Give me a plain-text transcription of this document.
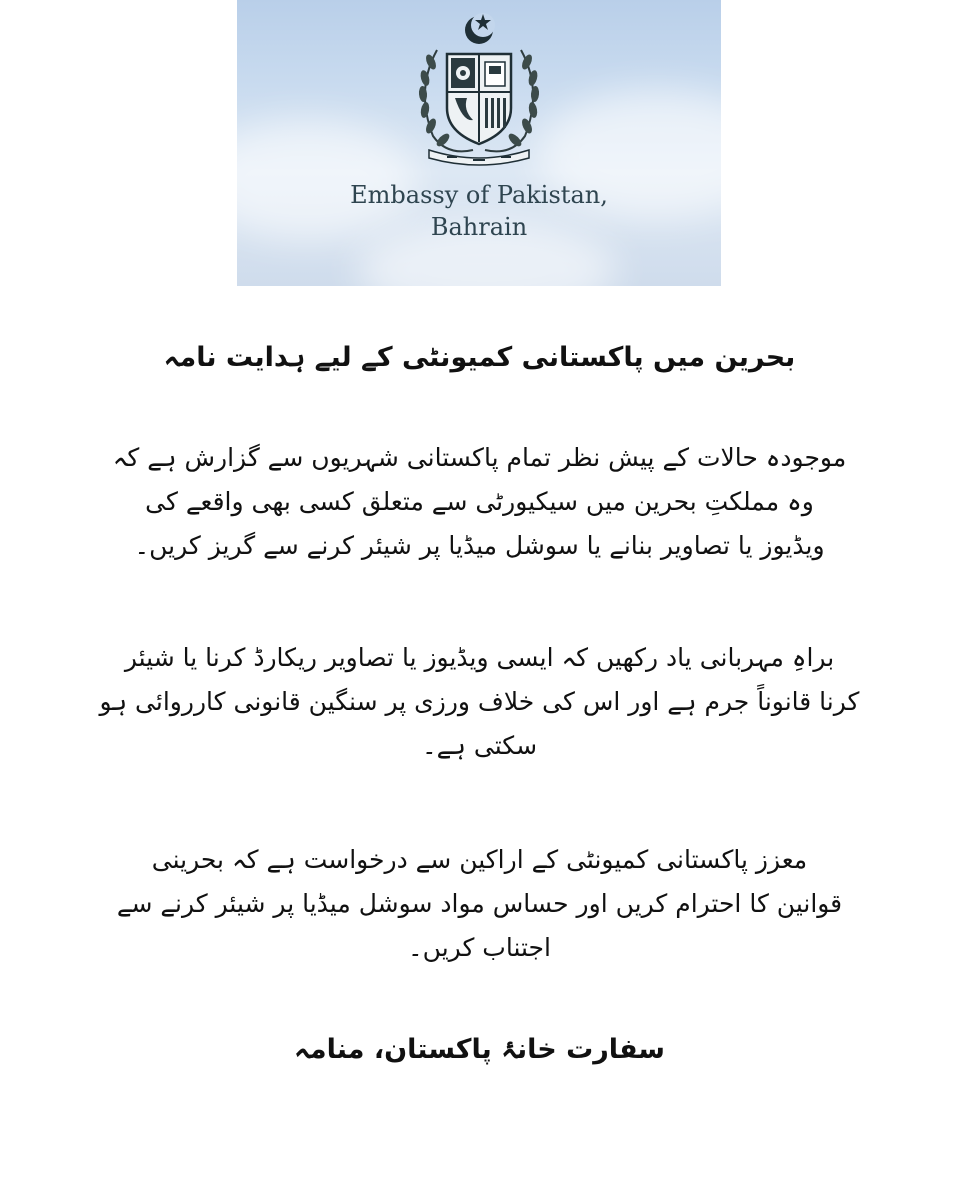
Embassy of Pakistan,
Bahrain
بحرین میں پاکستانی کمیونٹی کے لیے ہدایت نامہ

موجودہ حالات کے پیش نظر تمام پاکستانی شہریوں سے گزارش ہے کہ

وہ مملکتِ بحرین میں سیکیورٹی سے متعلق کسی بھی واقعے کی

ویڈیوز یا تصاویر بنانے یا سوشل میڈیا پر شیئر کرنے سے گریز کریں۔

براہِ مہربانی یاد رکھیں کہ ایسی ویڈیوز یا تصاویر ریکارڈ کرنا یا شیئر

کرنا قانوناً جرم ہے اور اس کی خلاف ورزی پر سنگین قانونی کارروائی ہو

سکتی ہے۔

معزز پاکستانی کمیونٹی کے اراکین سے درخواست ہے کہ بحرینی

قوانین کا احترام کریں اور حساس مواد سوشل میڈیا پر شیئر کرنے سے

اجتناب کریں۔

سفارت خانۂ پاکستان، منامہ
